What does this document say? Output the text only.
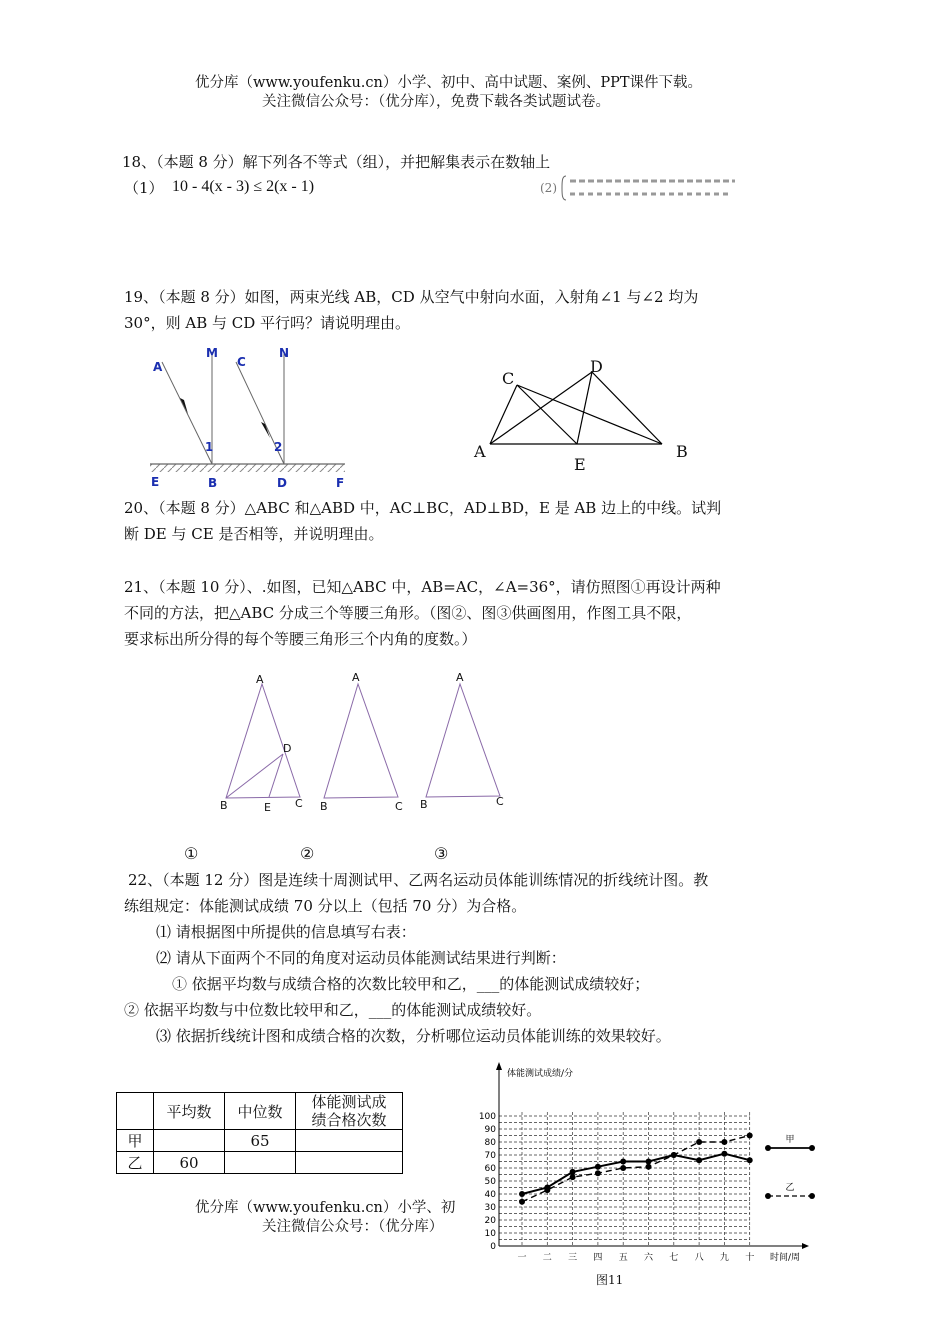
优分库（www.youfenku.cn）小学、初中、高中试题、案例、PPT课件下载。
关注微信公众号：（优分库），免费下载各类试题试卷。
18、（本题 8 分）解下列各不等式（组），并把解集表示在数轴上
（1） 10 - 4(x - 3) ≤ 2(x - 1)	(2)
19、（本题 8 分）如图，两束光线 AB，CD 从空气中射向水面，入射角∠1 与∠2 均为
30°，则 AB 与 CD 平行吗？请说明理由。
A
M
C
N
1	2
E	B	D	F
C
D
A
E
B
20、（本题 8 分）△ABC 和△ABD 中，AC⊥BC，AD⊥BD，E 是 AB 边上的中线。试判
断 DE 与 CE 是否相等，并说明理由。
21、（本题 10 分）、.如图，已知△ABC 中，AB=AC，∠A=36°，请仿照图①再设计两种
不同的方法，把△ABC 分成三个等腰三角形。（图②、图③供画图用，作图工具不限，
要求标出所分得的每个等腰三角形三个内角的度数。）
A
D
B	E C
A
B	C
A
B	C
①	②	③
22、（本题 12 分）图是连续十周测试甲、乙两名运动员体能训练情况的折线统计图。教
练组规定：体能测试成绩 70 分以上（包括 70 分）为合格。
⑴ 请根据图中所提供的信息填写右表：
⑵ 请从下面两个不同的角度对运动员体能测试结果进行判断：
① 依据平均数与成绩合格的次数比较甲和乙，___的体能测试成绩较好；
② 依据平均数与中位数比较甲和乙，___的体能测试成绩较好。
⑶ 依据折线统计图和成绩合格的次数，分析哪位运动员体能训练的效果较好。
	平均数	中位数	体能测试成
绩合格次数
甲		65	
乙	60		
优分库（www.youfenku.cn）小学、初
关注微信公众号：（优分库）
0
10
20
30
40
50
60
70
80
90
100
一 二 三 四 五 六 七 八 九 十
体能测试成绩/分
时间/周
甲
乙
图11
